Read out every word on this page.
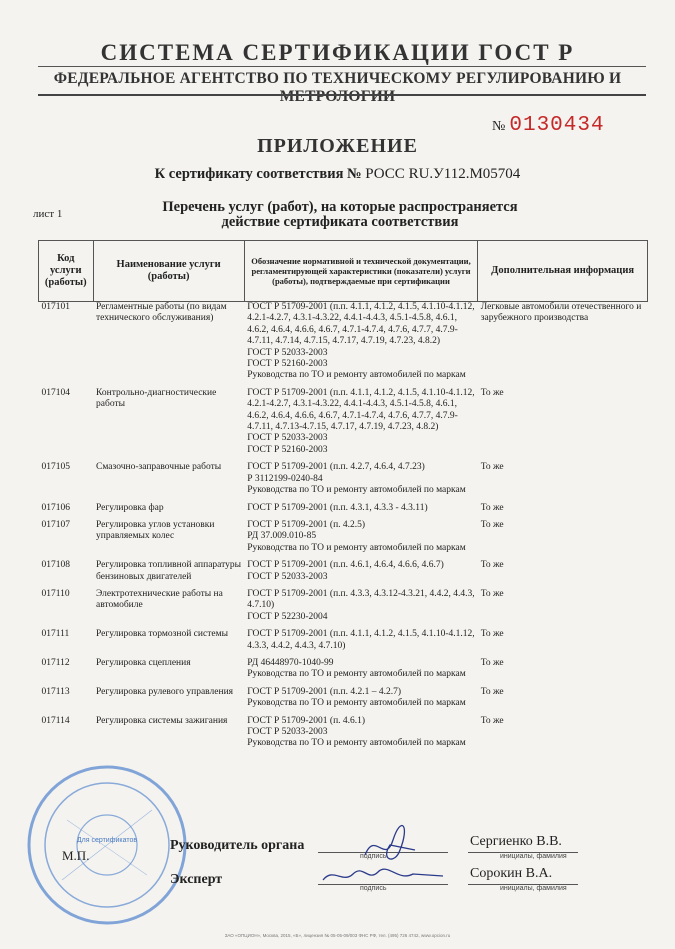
СИСТЕМА СЕРТИФИКАЦИИ ГОСТ Р
ФЕДЕРАЛЬНОЕ АГЕНТСТВО ПО ТЕХНИЧЕСКОМУ РЕГУЛИРОВАНИЮ И МЕТРОЛОГИИ
№ 0130434
ПРИЛОЖЕНИЕ
К сертификату соответствия № РОСС RU.У112.М05704
лист 1	Перечень услуг (работ), на которые распространяется
действие сертификата соответствия
Код услуги (работы)	Наименование услуги (работы)	Обозначение нормативной и технической документации, регламентирующей характеристики (показатели) услуги (работы), подтверждаемые при сертификации	Дополнительная информация
017101	Регламентные работы (по видам технического обслуживания)	ГОСТ Р 51709-2001 (п.п. 4.1.1, 4.1.2, 4.1.5, 4.1.10-4.1.12, 4.2.1-4.2.7, 4.3.1-4.3.22, 4.4.1-4.4.3, 4.5.1-4.5.8, 4.6.1, 4.6.2, 4.6.4, 4.6.6, 4.6.7, 4.7.1-4.7.4, 4.7.6, 4.7.7, 4.7.9-4.7.11, 4.7.14, 4.7.15, 4.7.17, 4.7.19, 4.7.23, 4.8.2)
ГОСТ Р 52033-2003
ГОСТ Р 52160-2003
Руководства по ТО и ремонту автомобилей по маркам	Легковые автомобили отечественного и зарубежного производства

017104	Контрольно-диагностические работы	ГОСТ Р 51709-2001 (п.п. 4.1.1, 4.1.2, 4.1.5, 4.1.10-4.1.12, 4.2.1-4.2.7, 4.3.1-4.3.22, 4.4.1-4.4.3, 4.5.1-4.5.8, 4.6.1, 4.6.2, 4.6.4, 4.6.6, 4.6.7, 4.7.1-4.7.4, 4.7.6, 4.7.7, 4.7.9-4.7.11, 4.7.13-4.7.15, 4.7.17, 4.7.19, 4.7.23, 4.8.2)
ГОСТ Р 52033-2003
ГОСТ Р 52160-2003	То же

017105	Смазочно-заправочные работы	ГОСТ Р 51709-2001 (п.п. 4.2.7, 4.6.4, 4.7.23)
Р 3112199-0240-84
Руководства по ТО и ремонту автомобилей по маркам	То же

017106	Регулировка фар	ГОСТ Р 51709-2001 (п.п. 4.3.1, 4.3.3 - 4.3.11)	То же

017107	Регулировка углов установки управляемых колес	ГОСТ Р 51709-2001 (п. 4.2.5)
РД 37.009.010-85
Руководства по ТО и ремонту автомобилей по маркам	То же

017108	Регулировка топливной аппаратуры бензиновых двигателей	ГОСТ Р 51709-2001 (п.п. 4.6.1, 4.6.4, 4.6.6, 4.6.7)
ГОСТ Р 52033-2003	То же

017110	Электротехнические работы на автомобиле	ГОСТ Р 51709-2001 (п.п. 4.3.3, 4.3.12-4.3.21, 4.4.2, 4.4.3, 4.7.10)
ГОСТ Р 52230-2004	То же

017111	Регулировка тормозной системы	ГОСТ Р 51709-2001 (п.п. 4.1.1, 4.1.2, 4.1.5, 4.1.10-4.1.12, 4.3.3, 4.4.2, 4.4.3, 4.7.10)	То же

017112	Регулировка сцепления	РД 46448970-1040-99
Руководства по ТО и ремонту автомобилей по маркам	То же

017113	Регулировка рулевого управления	ГОСТ Р 51709-2001 (п.п. 4.2.1 – 4.2.7)
Руководства по ТО и ремонту автомобилей по маркам	То же

017114	Регулировка системы зажигания	ГОСТ Р 51709-2001 (п. 4.6.1)
ГОСТ Р 52033-2003
Руководства по ТО и ремонту автомобилей по маркам	То же

Для сертификатов
М.П.
Руководитель органа
подпись
Сергиенко В.В.
инициалы, фамилия
Эксперт
подпись
Сорокин В.А.
инициалы, фамилия
ЗАО «ОПЦИОН», Москва, 2015, «Б», лицензия № 05-05-09/003 ФНС РФ, тел. (495) 726 4742, www.opcion.ru
